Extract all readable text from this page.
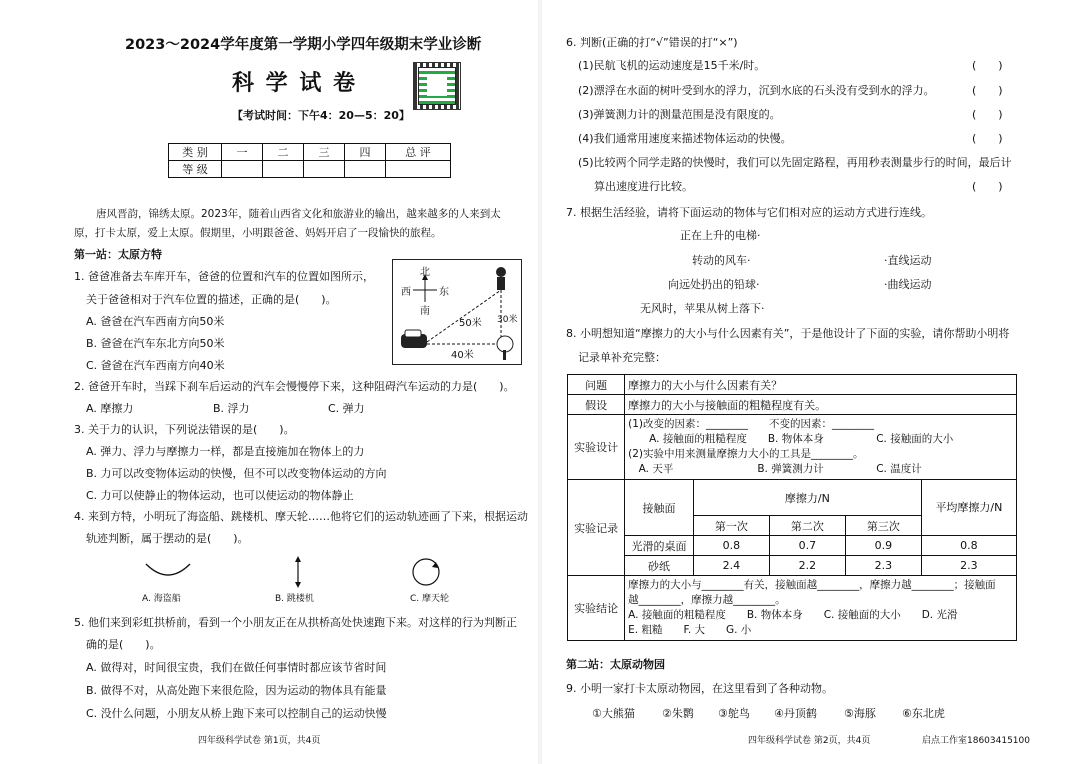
2023～2024学年度第一学期小学四年级期末学业诊断
科 学 试 卷
【考试时间：下午4：20—5：20】
类 别	一	二	三	四	总 评
等 级					
唐风晋韵，锦绣太原。2023年，随着山西省文化和旅游业的输出，越来越多的人来到太
原，打卡太原，爱上太原。假期里，小明跟爸爸、妈妈开启了一段愉快的旅程。
第一站：太原方特
1. 爸爸准备去车库开车，爸爸的位置和汽车的位置如图所示，
关于爸爸相对于汽车位置的描述，正确的是(　　)。
A. 爸爸在汽车西南方向50米
B. 爸爸在汽车东北方向50米
C. 爸爸在汽车西南方向40米
北
南
西	东
50米 30米
40米
2. 爸爸开车时，当踩下刹车后运动的汽车会慢慢停下来，这种阻碍汽车运动的力是(　　)。
A. 摩擦力	B. 浮力	C. 弹力
3. 关于力的认识，下列说法错误的是(　　)。
A. 弹力、浮力与摩擦力一样，都是直接施加在物体上的力
B. 力可以改变物体运动的快慢，但不可以改变物体运动的方向
C. 力可以使静止的物体运动，也可以使运动的物体静止
4. 来到方特，小明玩了海盗船、跳楼机、摩天轮……他将它们的运动轨迹画了下来，根据运动
轨迹判断，属于摆动的是(　　)。
A. 海盗船	B. 跳楼机	C. 摩天轮
5. 他们来到彩虹拱桥前，看到一个小朋友正在从拱桥高处快速跑下来。对这样的行为判断正
确的是(　　)。
A. 做得对，时间很宝贵，我们在做任何事情时都应该节省时间
B. 做得不对，从高处跑下来很危险，因为运动的物体具有能量
C. 没什么问题，小朋友从桥上跑下来可以控制自己的运动快慢
四年级科学试卷 第1页，共4页
6. 判断(正确的打“√”错误的打“×”)
(1)民航飞机的运动速度是15千米/时。
(2)漂浮在水面的树叶受到水的浮力，沉到水底的石头没有受到水的浮力。
(3)弹簧测力计的测量范围是没有限度的。
(4)我们通常用速度来描述物体运动的快慢。
(5)比较两个同学走路的快慢时，我们可以先固定路程，再用秒表测量步行的时间，最后计
算出速度进行比较。
(　　)
(　　)
(　　)
(　　)
(　　)
7. 根据生活经验，请将下面运动的物体与它们相对应的运动方式进行连线。
正在上升的电梯·
转动的风车·
向远处扔出的铅球·
无风时，苹果从树上落下·
·直线运动
·曲线运动
8. 小明想知道“摩擦力的大小与什么因素有关”，于是他设计了下面的实验，请你帮助小明将
记录单补充完整：
问题	摩擦力的大小与什么因素有关？				
假设	摩擦力的大小与接触面的粗糙程度有关。				
实验设计	(1)改变的因素：________　　不变的因素：________
　　A. 接触面的粗糙程度　　B. 物体本身　　　　　C. 接触面的大小
(2)实验中用来测量摩擦力大小的工具是________。
　A. 天平　　　　　　　　B. 弹簧测力计　　　　　C. 温度计				

实验记录	接触面	摩擦力/N			平均摩擦力/N
		第一次	第二次	第三次	
	光滑的桌面	0.8	0.7	0.9	0.8
	砂纸	2.4	2.2	2.3	2.3
实验结论	摩擦力的大小与________有关，接触面越________，摩擦力越________；接触面
越________，摩擦力越________。
A. 接触面的粗糙程度　　B. 物体本身　　C. 接触面的大小　　D. 光滑
E. 粗糙　　F. 大　　G. 小				
第二站：太原动物园
9. 小明一家打卡太原动物园，在这里看到了各种动物。
①大熊猫 ②朱鹮 ③鸵鸟 ④丹顶鹤 ⑤海豚 ⑥东北虎
四年级科学试卷 第2页，共4页	启点工作室18603415100
